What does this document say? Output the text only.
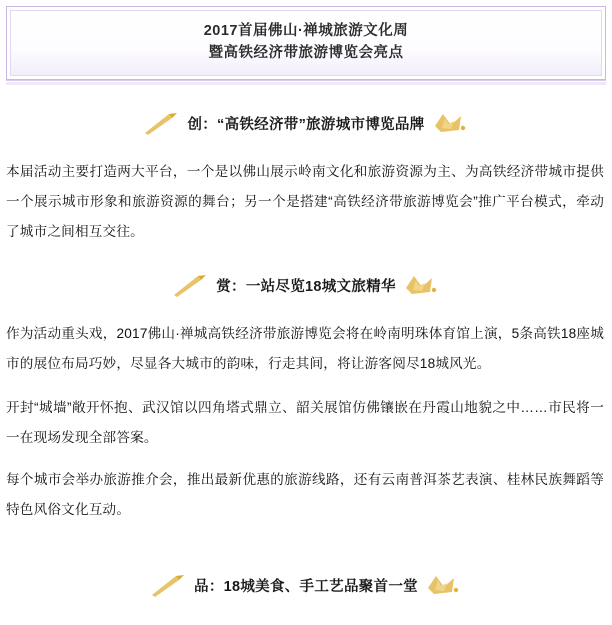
2017首届佛山·禅城旅游文化周
暨高铁经济带旅游博览会亮点
创：“高铁经济带”旅游城市博览品牌
本届活动主要打造两大平台，一个是以佛山展示岭南文化和旅游资源为主、为高铁经济带城市提供一个展示城市形象和旅游资源的舞台；另一个是搭建“高铁经济带旅游博览会”推广平台模式，牵动了城市之间相互交往。
赏：一站尽览18城文旅精华
作为活动重头戏，2017佛山·禅城高铁经济带旅游博览会将在岭南明珠体育馆上演，5条高铁18座城市的展位布局巧妙，尽显各大城市的韵味，行走其间，将让游客阅尽18城风光。
开封“城墙”敞开怀抱、武汉馆以四角塔式鼎立、韶关展馆仿佛镶嵌在丹霞山地貌之中……市民将一一在现场发现全部答案。
每个城市会举办旅游推介会，推出最新优惠的旅游线路，还有云南普洱茶艺表演、桂林民族舞蹈等特色风俗文化互动。
品：18城美食、手工艺品聚首一堂
